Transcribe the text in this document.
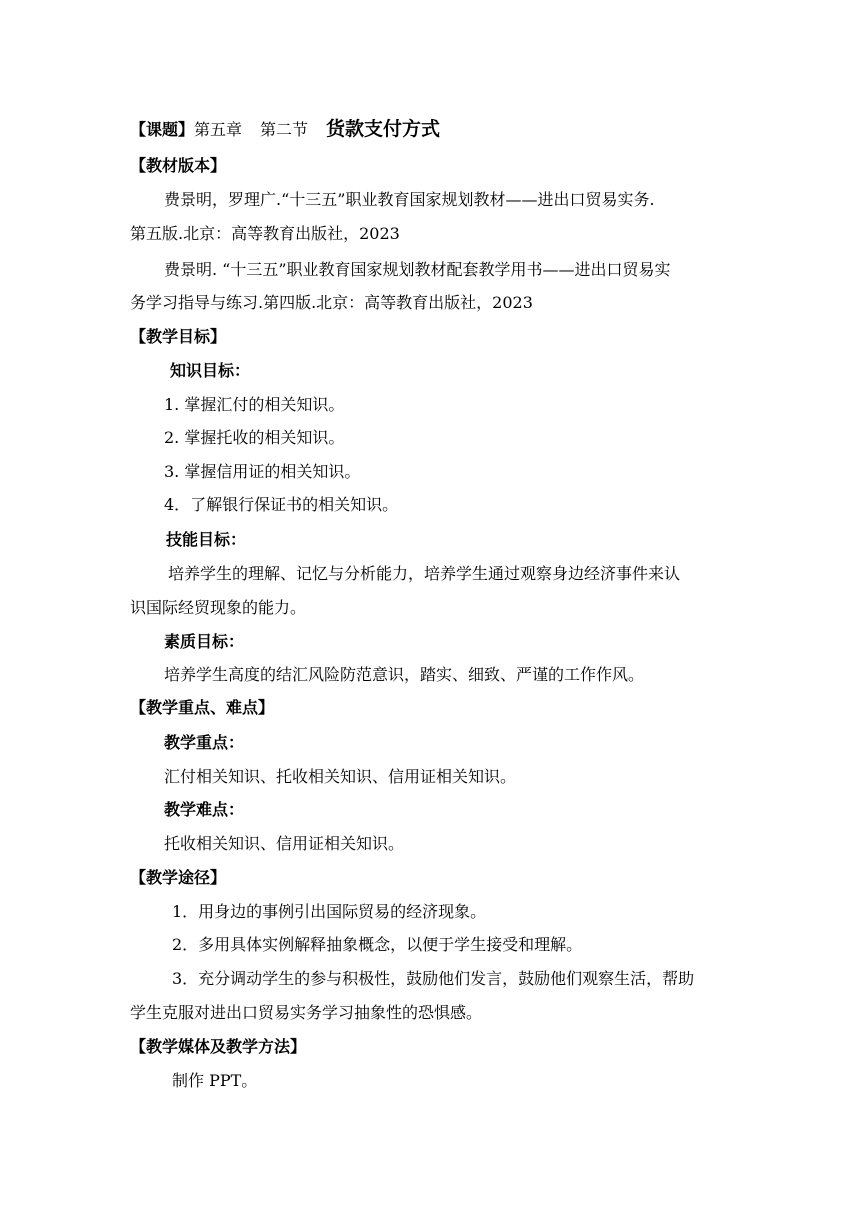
【课题】第五章 第二节 货款支付方式
【教材版本】
费景明，罗理广.“十三五”职业教育国家规划教材——进出口贸易实务.
第五版.北京：高等教育出版社，2023
费景明. “十三五”职业教育国家规划教材配套教学用书——进出口贸易实
务学习指导与练习.第四版.北京：高等教育出版社，2023
【教学目标】
知识目标：
1. 掌握汇付的相关知识。
2. 掌握托收的相关知识。
3. 掌握信用证的相关知识。
4．了解银行保证书的相关知识。
技能目标：
培养学生的理解、记忆与分析能力，培养学生通过观察身边经济事件来认
识国际经贸现象的能力。
素质目标：
培养学生高度的结汇风险防范意识，踏实、细致、严谨的工作作风。
【教学重点、难点】
教学重点：
汇付相关知识、托收相关知识、信用证相关知识。
教学难点：
托收相关知识、信用证相关知识。
【教学途径】
1．用身边的事例引出国际贸易的经济现象。
2．多用具体实例解释抽象概念，以便于学生接受和理解。
3．充分调动学生的参与积极性，鼓励他们发言，鼓励他们观察生活，帮助
学生克服对进出口贸易实务学习抽象性的恐惧感。
【教学媒体及教学方法】
制作 PPT。
